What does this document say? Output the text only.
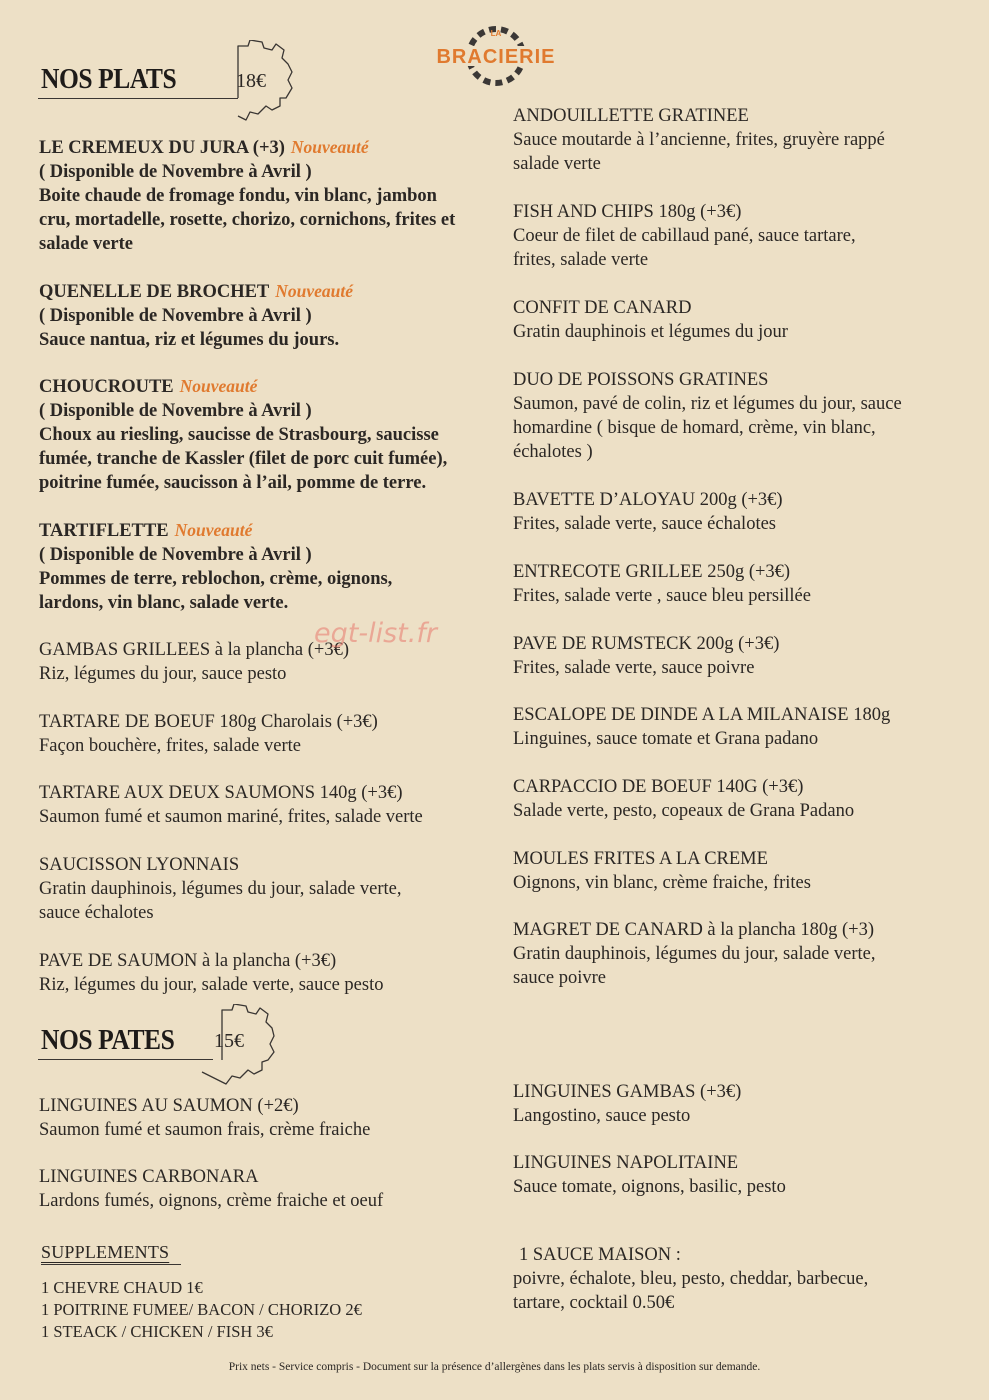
LA
BRACIERIE
EST. 2018
NOS PLATS	18€
LE CREMEUX DU JURA (+3) Nouveauté
( Disponible de Novembre à Avril )
Boite chaude de fromage fondu, vin blanc, jambon cru, mortadelle, rosette, chorizo, cornichons, frites et salade verte
QUENELLE DE BROCHET Nouveauté
( Disponible de Novembre à Avril )
Sauce nantua, riz et légumes du jours.
CHOUCROUTE Nouveauté
( Disponible de Novembre à Avril )
Choux au riesling, saucisse de Strasbourg, saucisse fumée, tranche de Kassler (filet de porc cuit fumée), poitrine fumée, saucisson à l’ail, pomme de terre.
TARTIFLETTE Nouveauté
( Disponible de Novembre à Avril )
Pommes de terre, reblochon, crème, oignons, lardons, vin blanc, salade verte.
GAMBAS GRILLEES à la plancha (+3€)
Riz, légumes du jour, sauce pesto
TARTARE DE BOEUF 180g Charolais (+3€)
Façon bouchère, frites, salade verte
TARTARE AUX DEUX SAUMONS 140g (+3€)
Saumon fumé et saumon mariné, frites, salade verte
SAUCISSON LYONNAIS
Gratin dauphinois, légumes du jour, salade verte, sauce échalotes
PAVE DE SAUMON à la plancha (+3€)
Riz, légumes du jour, salade verte, sauce pesto
egt-list.fr
ANDOUILLETTE GRATINEE
Sauce moutarde à l’ancienne, frites, gruyère rappé salade verte
FISH AND CHIPS 180g (+3€)
Coeur de filet de cabillaud pané, sauce tartare, frites, salade verte
CONFIT DE CANARD
Gratin dauphinois et légumes du jour
DUO DE POISSONS GRATINES
Saumon, pavé de colin, riz et légumes du jour, sauce homardine ( bisque de homard, crème, vin blanc, échalotes )
BAVETTE D’ALOYAU 200g (+3€)
Frites, salade verte, sauce échalotes
ENTRECOTE GRILLEE 250g (+3€)
Frites, salade verte , sauce bleu persillée
PAVE DE RUMSTECK 200g (+3€)
Frites, salade verte, sauce poivre
ESCALOPE DE DINDE A LA MILANAISE 180g
Linguines, sauce tomate et Grana padano
CARPACCIO DE BOEUF 140G (+3€)
Salade verte, pesto, copeaux de Grana Padano
MOULES FRITES A LA CREME
Oignons, vin blanc, crème fraiche, frites
MAGRET DE CANARD à la plancha 180g (+3)
Gratin dauphinois, légumes du jour, salade verte, sauce poivre
NOS PATES 15€
LINGUINES AU SAUMON (+2€)
Saumon fumé et saumon frais, crème fraiche
LINGUINES CARBONARA
Lardons fumés, oignons, crème fraiche et oeuf
LINGUINES GAMBAS (+3€)
Langostino, sauce pesto
LINGUINES NAPOLITAINE
Sauce tomate, oignons, basilic, pesto
SUPPLEMENTS
1 CHEVRE CHAUD 1€
1 POITRINE FUMEE/ BACON / CHORIZO 2€
1 STEACK / CHICKEN / FISH 3€
1 SAUCE MAISON :
poivre, échalote, bleu, pesto, cheddar, barbecue, tartare, cocktail 0.50€
Prix nets - Service compris - Document sur la présence d’allergènes dans les plats servis à disposition sur demande.
